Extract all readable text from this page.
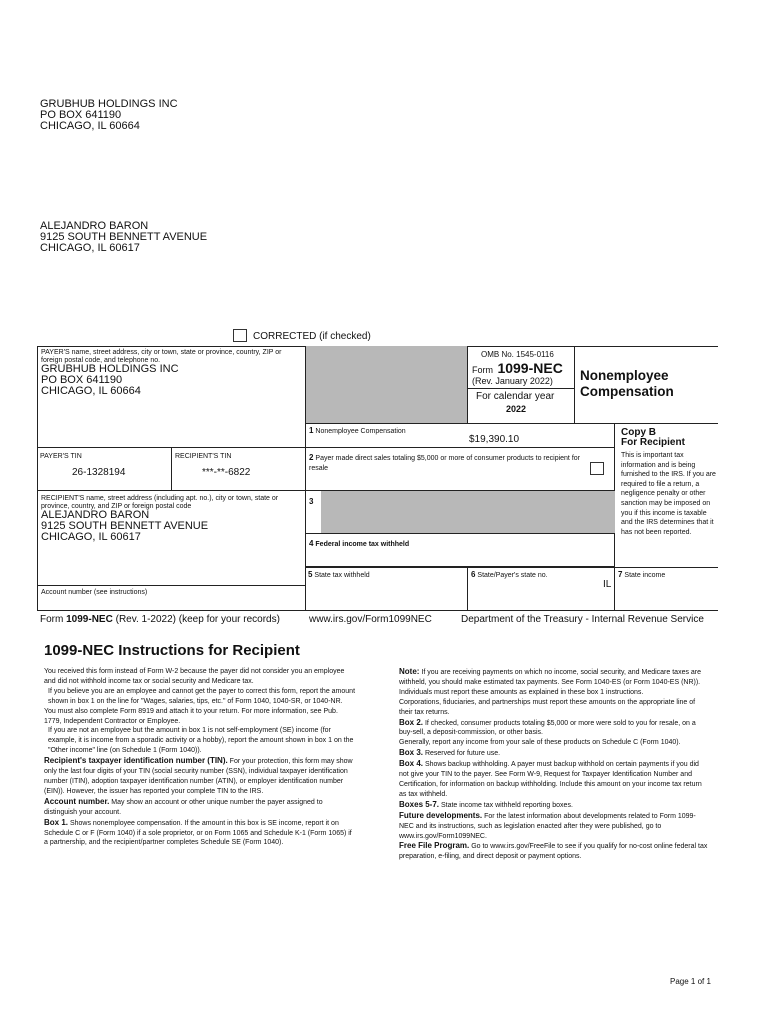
GRUBHUB HOLDINGS INC
PO BOX 641190
CHICAGO, IL 60664
ALEJANDRO BARON
9125 SOUTH BENNETT AVENUE
CHICAGO, IL 60617
CORRECTED (if checked)
PAYER'S name, street address, city or town, state or province, country, ZIP or foreign postal code, and telephone no.
GRUBHUB HOLDINGS INC
PO BOX 641190
CHICAGO, IL 60664
OMB No. 1545-0116
Form 1099-NEC
(Rev. January 2022)
For calendar year
2022
Nonemployee
Compensation
1 Nonemployee Compensation
$19,390.10
Copy B
For Recipient
This is important tax information and is being furnished to the IRS. If you are required to file a return, a negligence penalty or other sanction may be imposed on you if this income is taxable and the IRS determines that it has not been reported.
RECIPIENT'S TIN
***-**-6822
PAYER'S TIN
26-1328194
2 Payer made direct sales totaling $5,000 or more of consumer products to recipient for resale
RECIPIENT'S name, street address (including apt. no.), city or town, state or province, country, and ZIP or foreign postal code
ALEJANDRO BARON
9125 SOUTH BENNETT AVENUE
CHICAGO, IL 60617
3
4 Federal income tax withheld
5 State tax withheld	6 State/Payer's state no.
IL
7 State income
Account number (see instructions)
Form 1099-NEC (Rev. 1-2022) (keep for your records)	www.irs.gov/Form1099NEC	Department of the Treasury - Internal Revenue Service
1099-NEC Instructions for Recipient

You received this form instead of Form W-2 because the payer did not consider you an employee and did not withhold income tax or social security and Medicare tax.

If you believe you are an employee and cannot get the payer to correct this form, report the amount shown in box 1 on the line for "Wages, salaries, tips, etc." of Form 1040, 1040-SR, or 1040-NR.

You must also complete Form 8919 and attach it to your return. For more information, see Pub. 1779, Independent Contractor or Employee.

If you are not an employee but the amount in box 1 is not self-employment (SE) income (for example, it is income from a sporadic activity or a hobby), report the amount shown in box 1 on the "Other income" line (on Schedule 1 (Form 1040)).

Recipient's taxpayer identification number (TIN). For your protection, this form may show only the last four digits of your TIN (social security number (SSN), individual taxpayer identification number (ITIN), adoption taxpayer identification number (ATIN), or employer identification number (EIN)). However, the issuer has reported your complete TIN to the IRS.

Account number. May show an account or other unique number the payer assigned to distinguish your account.

Box 1. Shows nonemployee compensation. If the amount in this box is SE income, report it on Schedule C or F (Form 1040) if a sole proprietor, or on Form 1065 and Schedule K-1 (Form 1065) if a partnership, and the recipient/partner completes Schedule SE (Form 1040).

Note: If you are receiving payments on which no income, social security, and Medicare taxes are withheld, you should make estimated tax payments. See Form 1040-ES (or Form 1040-ES (NR)). Individuals must report these amounts as explained in these box 1 instructions.

Corporations, fiduciaries, and partnerships must report these amounts on the appropriate line of their tax returns.

Box 2. If checked, consumer products totaling $5,000 or more were sold to you for resale, on a buy-sell, a deposit-commission, or other basis.

Generally, report any income from your sale of these products on Schedule C (Form 1040).

Box 3. Reserved for future use.

Box 4. Shows backup withholding. A payer must backup withhold on certain payments if you did not give your TIN to the payer. See Form W-9, Request for Taxpayer Identification Number and Certification, for information on backup withholding. Include this amount on your income tax return as tax withheld.

Boxes 5-7. State income tax withheld reporting boxes.

Future developments. For the latest information about developments related to Form 1099-NEC and its instructions, such as legislation enacted after they were published, go to www.irs.gov/Form1099NEC.

Free File Program. Go to www.irs.gov/FreeFile to see if you qualify for no-cost online federal tax preparation, e-filing, and direct deposit or payment options.

Page 1 of 1
